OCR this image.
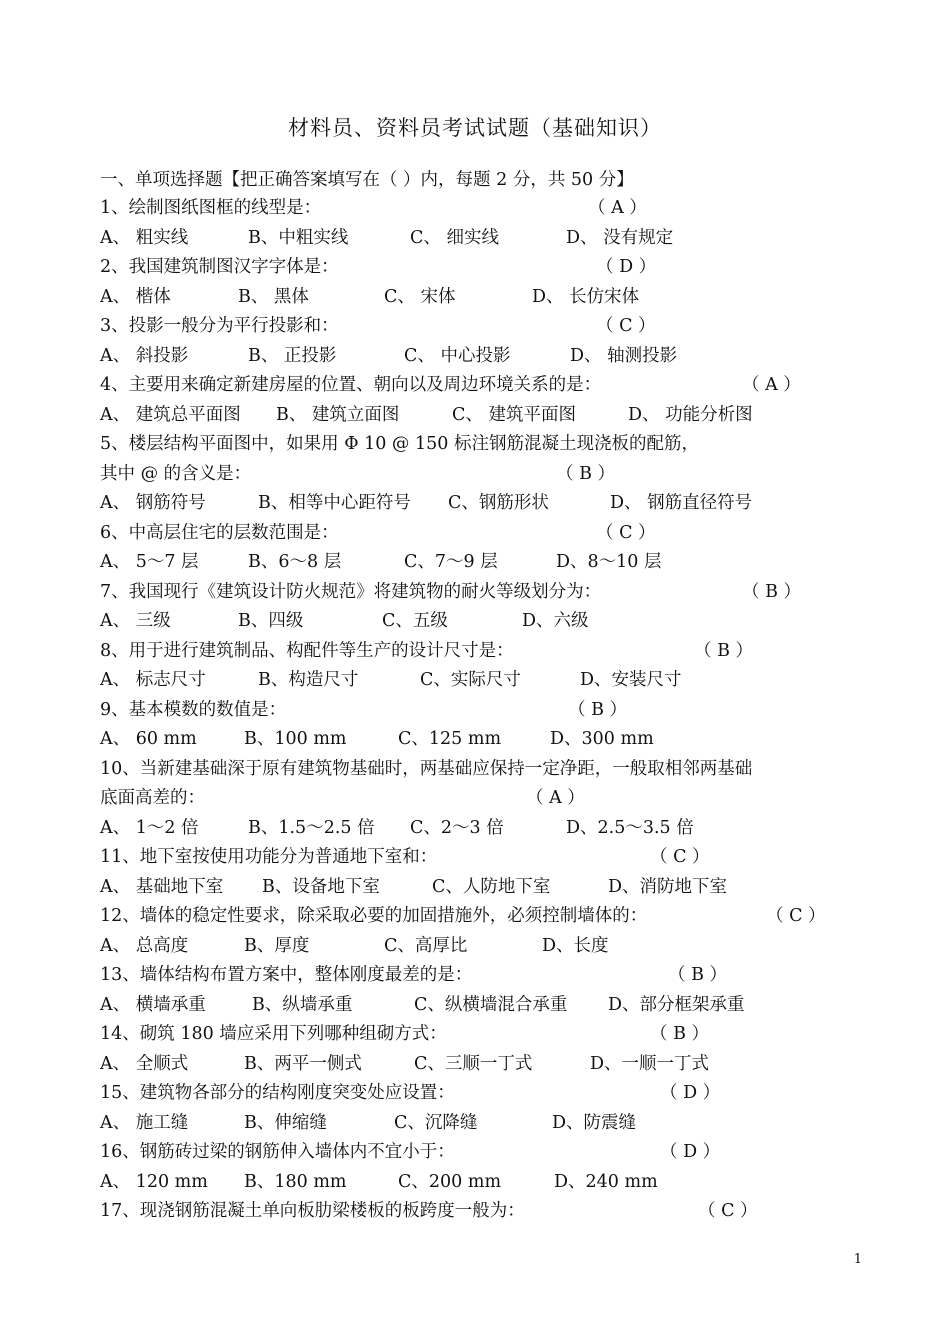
材料员、资料员考试试题（基础知识）
一、单项选择题【把正确答案填写在（ ）内，每题 2 分，共 50 分】
1、绘制图纸图框的线型是：	（ A ）
A、 粗实线	B、中粗实线	C、 细实线	D、 没有规定
2、我国建筑制图汉字字体是：	（ D ）
A、 楷体	B、 黑体	C、 宋体	D、 长仿宋体
3、投影一般分为平行投影和：	（ C ）
A、 斜投影	B、 正投影	C、 中心投影	D、 轴测投影
4、主要用来确定新建房屋的位置、朝向以及周边环境关系的是：	（ A ）
A、 建筑总平面图 B、 建筑立面图	C、 建筑平面图	D、 功能分析图
5、楼层结构平面图中，如果用 Φ 10 @ 150 标注钢筋混凝土现浇板的配筋，
其中 @ 的含义是：	（ B ）
A、 钢筋符号	B、相等中心距符号 C、钢筋形状	D、 钢筋直径符号
6、中高层住宅的层数范围是：	（ C ）
A、 5～7 层	B、6～8 层	C、7～9 层	D、8～10 层
7、我国现行《建筑设计防火规范》将建筑物的耐火等级划分为：	（ B ）
A、 三级	B、四级	C、五级	D、六级
8、用于进行建筑制品、构配件等生产的设计尺寸是：	（ B ）
A、 标志尺寸	B、构造尺寸	C、实际尺寸	D、安装尺寸
9、基本模数的数值是：	（ B ）
A、 60 mm	B、100 mm	C、125 mm	D、300 mm
10、当新建基础深于原有建筑物基础时，两基础应保持一定净距，一般取相邻两基础
底面高差的：	（ A ）
A、 1～2 倍	B、1.5～2.5 倍 C、2～3 倍	D、2.5～3.5 倍
11、地下室按使用功能分为普通地下室和：	（ C ）
A、 基础地下室 B、设备地下室	C、人防地下室	D、消防地下室
12、墙体的稳定性要求，除采取必要的加固措施外，必须控制墙体的：	（ C ）
A、 总高度	B、厚度	C、高厚比	D、长度
13、墙体结构布置方案中，整体刚度最差的是：	（ B ）
A、 横墙承重	B、纵墙承重	C、纵横墙混合承重 D、部分框架承重
14、砌筑 180 墙应采用下列哪种组砌方式：	（ B ）
A、 全顺式	B、两平一侧式	C、三顺一丁式	D、一顺一丁式
15、建筑物各部分的结构刚度突变处应设置：	（ D ）
A、 施工缝	B、伸缩缝	C、沉降缝	D、防震缝
16、钢筋砖过梁的钢筋伸入墙体内不宜小于：	（ D ）
A、 120 mm B、180 mm	C、200 mm	D、240 mm
17、现浇钢筋混凝土单向板肋梁楼板的板跨度一般为：	（ C ）
1
